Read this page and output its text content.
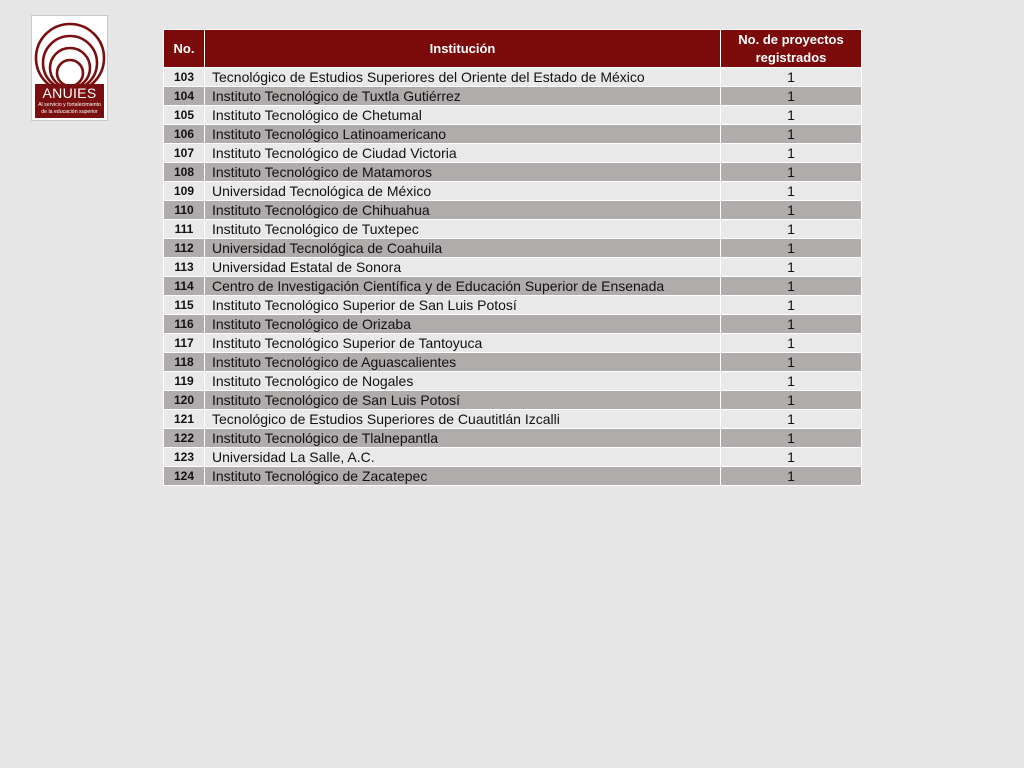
ANUIES
Al servicio y fortalecimiento
de la educación superior
No.	Institución	No. de proyectos registrados
103	Tecnológico de Estudios Superiores del Oriente del Estado de México	1
104	Instituto Tecnológico de Tuxtla Gutiérrez	1
105	Instituto Tecnológico de Chetumal	1
106	Instituto Tecnológico Latinoamericano	1
107	Instituto Tecnológico de Ciudad Victoria	1
108	Instituto Tecnológico de Matamoros	1
109	Universidad Tecnológica de México	1
110	Instituto Tecnológico de Chihuahua	1
111	Instituto Tecnológico de Tuxtepec	1
112	Universidad Tecnológica de Coahuila	1
113	Universidad Estatal de Sonora	1
114	Centro de Investigación Científica y de Educación Superior de Ensenada	1
115	Instituto Tecnológico Superior de San Luis Potosí	1
116	Instituto Tecnológico de Orizaba	1
117	Instituto Tecnológico Superior de Tantoyuca	1
118	Instituto Tecnológico de Aguascalientes	1
119	Instituto Tecnológico de Nogales	1
120	Instituto Tecnológico de San Luis Potosí	1
121	Tecnológico de Estudios Superiores de Cuautitlán Izcalli	1
122	Instituto Tecnológico de Tlalnepantla	1
123	Universidad La Salle, A.C.	1
124	Instituto Tecnológico de Zacatepec	1
